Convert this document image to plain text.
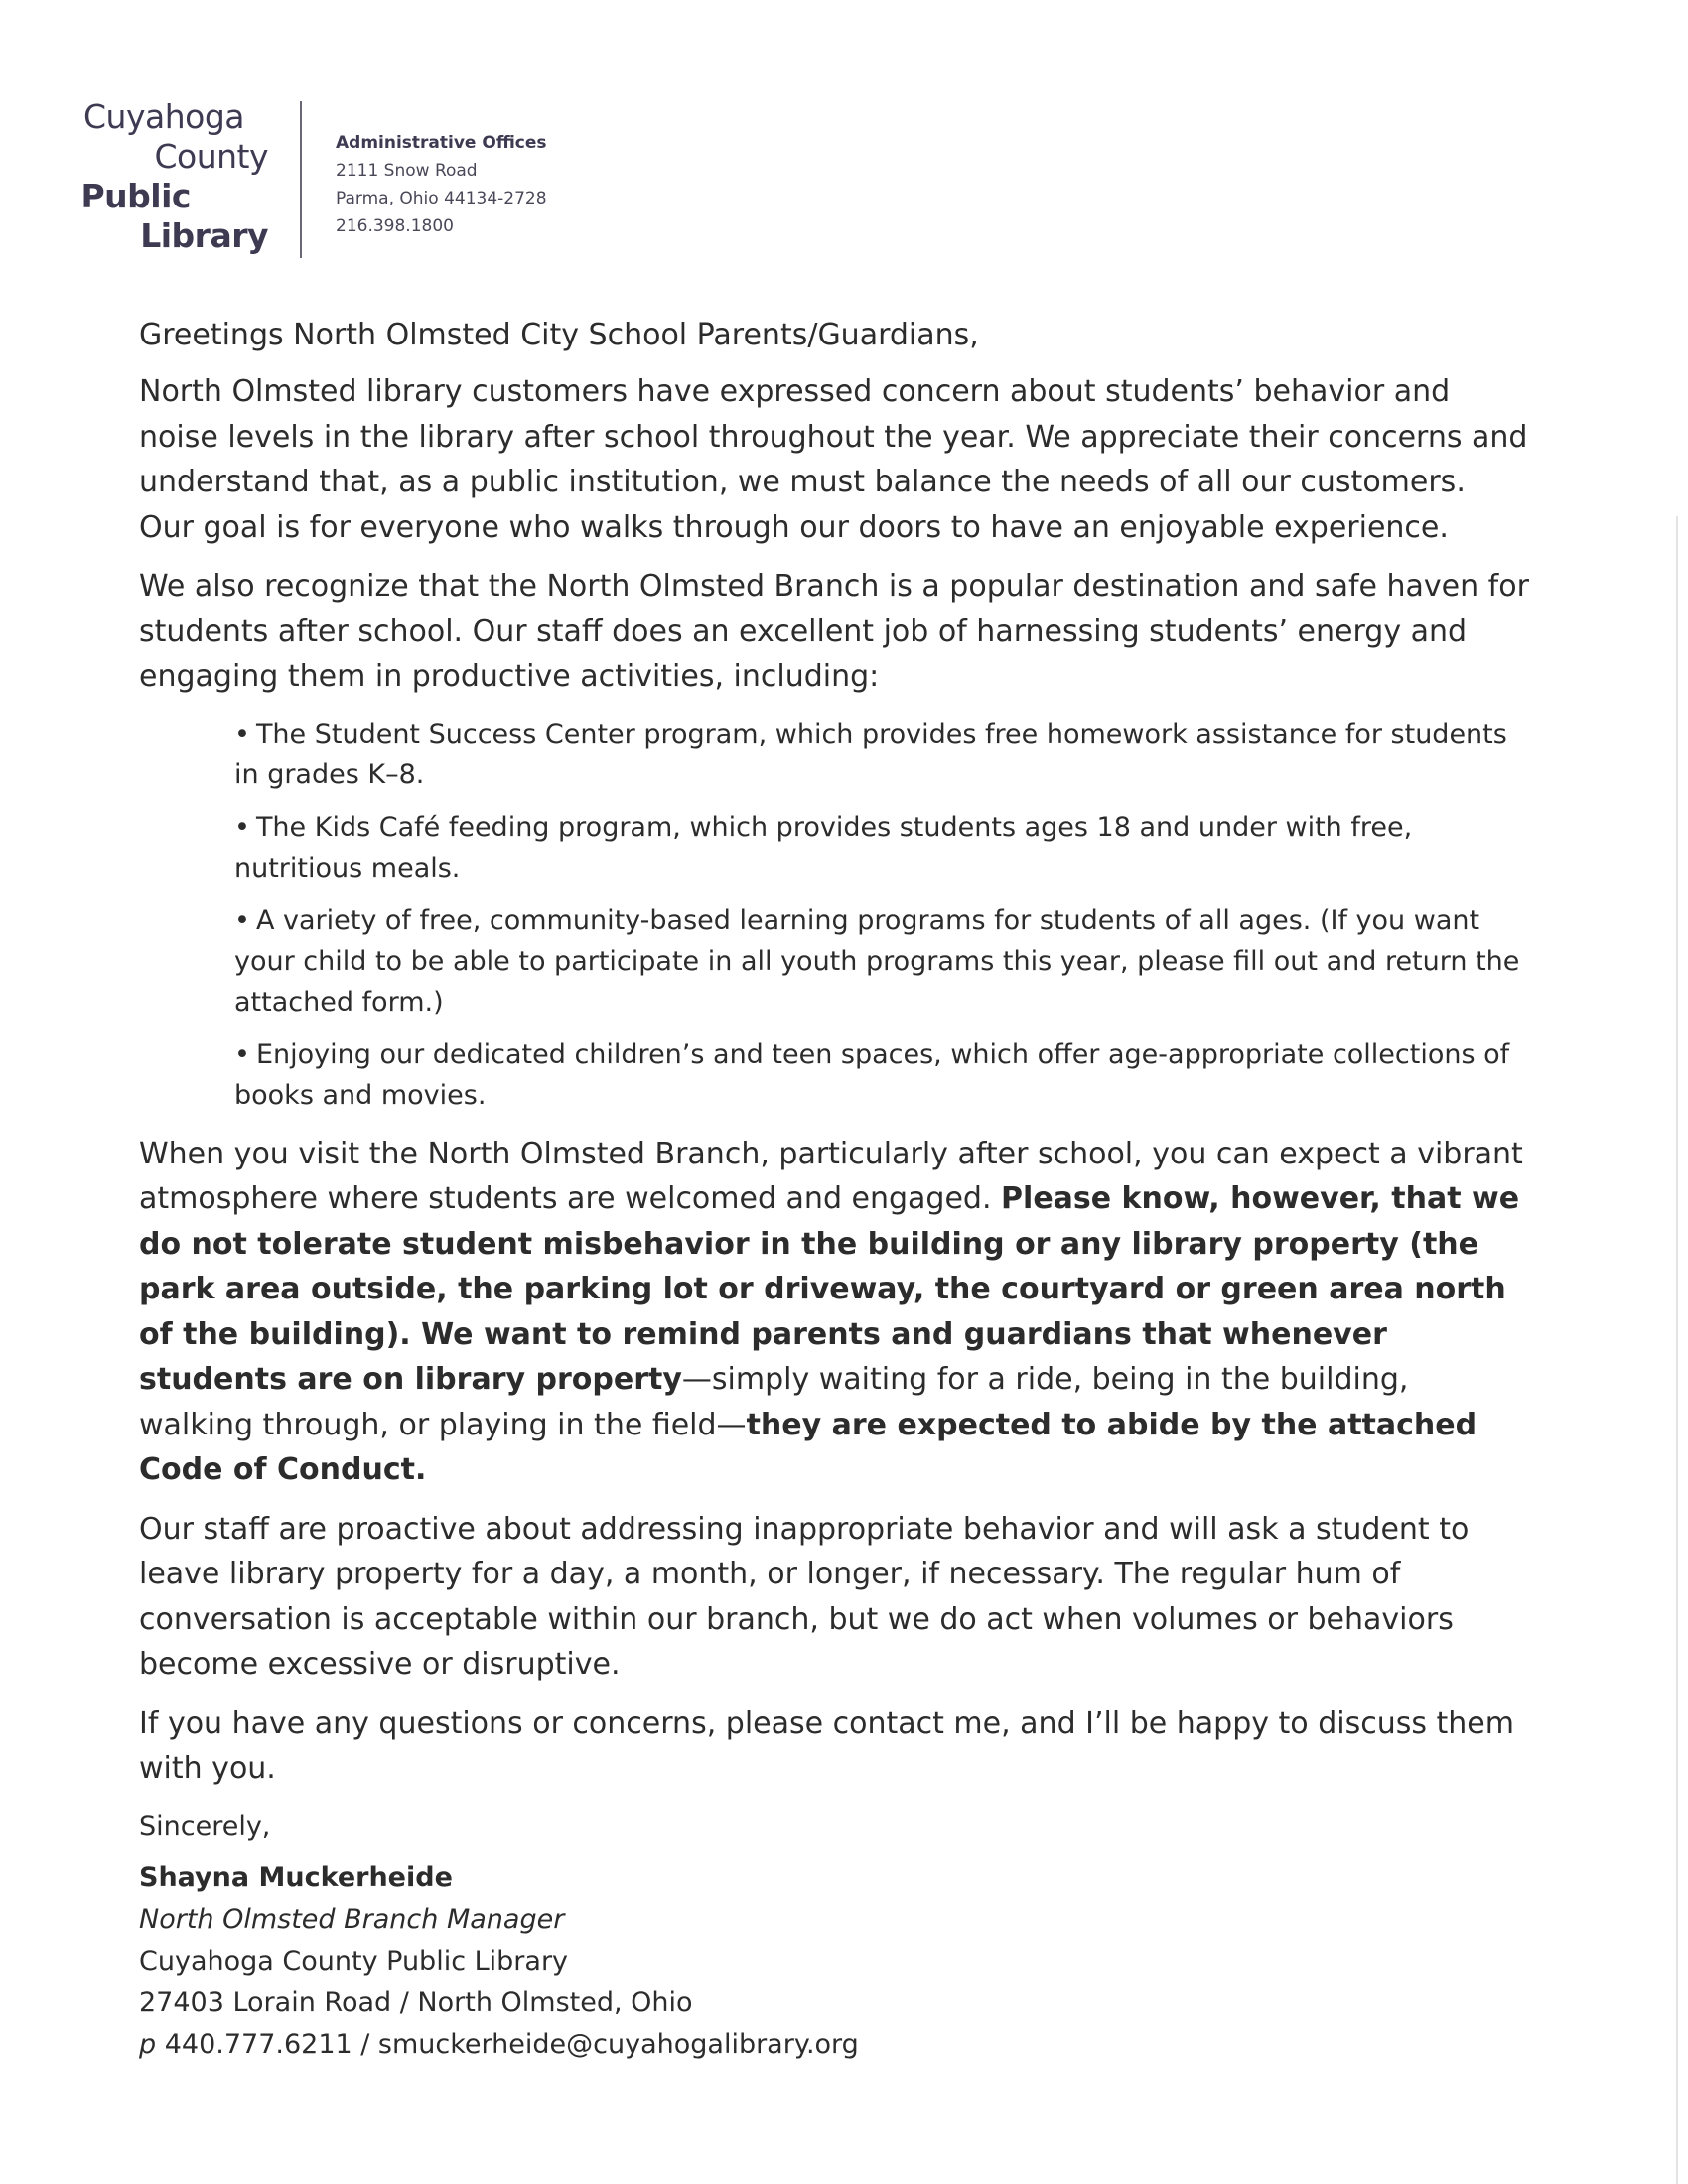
Cuyahoga
County
Public
Library
Administrative Offices
2111 Snow Road
Parma, Ohio 44134-2728
216.398.1800

Greetings North Olmsted City School Parents/Guardians,

North Olmsted library customers have expressed concern about students’ behavior and noise levels in the library after school throughout the year. We appreciate their concerns and understand that, as a public institution, we must balance the needs of all our customers. Our goal is for everyone who walks through our doors to have an enjoyable experience.

We also recognize that the North Olmsted Branch is a popular destination and safe haven for students after school. Our staff does an excellent job of harnessing students’ energy and engaging them in productive activities, including:

• The Student Success Center program, which provides free homework assistance for students in grades K–8.
• The Kids Café feeding program, which provides students ages 18 and under with free, nutritious meals.
• A variety of free, community-based learning programs for students of all ages. (If you want your child to be able to participate in all youth programs this year, please fill out and return the attached form.)
• Enjoying our dedicated children’s and teen spaces, which offer age-appropriate collections of books and movies.

When you visit the North Olmsted Branch, particularly after school, you can expect a vibrant atmosphere where students are welcomed and engaged. Please know, however, that we do not tolerate student misbehavior in the building or any library property (the park area outside, the parking lot or driveway, the courtyard or green area north of the building). We want to remind parents and guardians that whenever students are on library property—simply waiting for a ride, being in the building, walking through, or playing in the field—they are expected to abide by the attached Code of Conduct.

Our staff are proactive about addressing inappropriate behavior and will ask a student to leave library property for a day, a month, or longer, if necessary. The regular hum of conversation is acceptable within our branch, but we do act when volumes or behaviors become excessive or disruptive.

If you have any questions or concerns, please contact me, and I’ll be happy to discuss them with you.

Sincerely,
Shayna Muckerheide
North Olmsted Branch Manager
Cuyahoga County Public Library
27403 Lorain Road / North Olmsted, Ohio
p 440.777.6211 / smuckerheide@cuyahogalibrary.org
